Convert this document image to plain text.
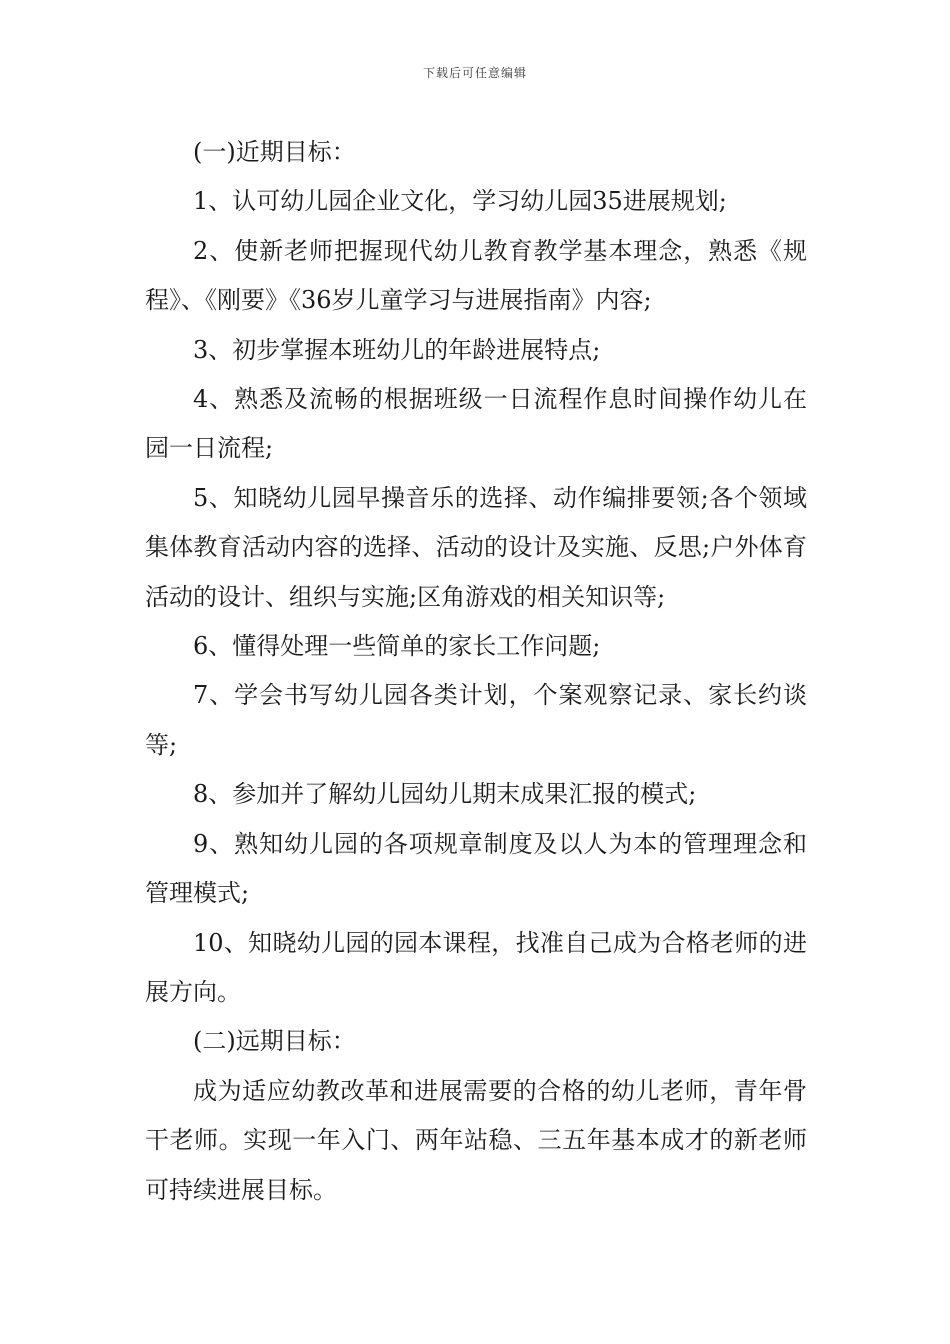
下载后可任意编辑

(一)近期目标：

1、认可幼儿园企业文化，学习幼儿园35进展规划;

2、使新老师把握现代幼儿教育教学基本理念，熟悉《规程》、《刚要》《36岁儿童学习与进展指南》内容;

3、初步掌握本班幼儿的年龄进展特点;

4、熟悉及流畅的根据班级一日流程作息时间操作幼儿在园一日流程;

5、知晓幼儿园早操音乐的选择、动作编排要领;各个领域集体教育活动内容的选择、活动的设计及实施、反思;户外体育活动的设计、组织与实施;区角游戏的相关知识等;

6、懂得处理一些简单的家长工作问题;

7、学会书写幼儿园各类计划，个案观察记录、家长约谈等;

8、参加并了解幼儿园幼儿期末成果汇报的模式;

9、熟知幼儿园的各项规章制度及以人为本的管理理念和管理模式;

10、知晓幼儿园的园本课程，找准自己成为合格老师的进展方向。

(二)远期目标：

成为适应幼教改革和进展需要的合格的幼儿老师，青年骨干老师。实现一年入门、两年站稳、三五年基本成才的新老师可持续进展目标。
